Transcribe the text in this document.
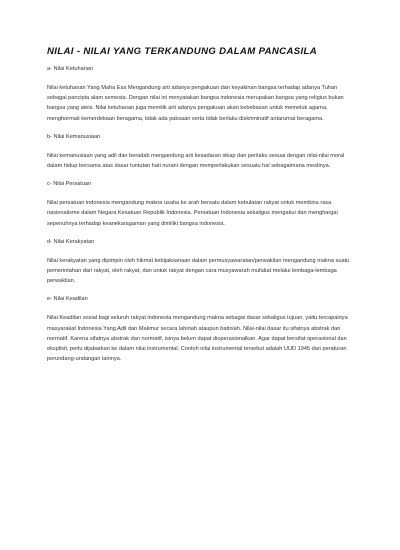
NILAI - NILAI YANG TERKANDUNG DALAM PANCASILA

a- Nilai Ketuhanan

Nilai ketuhanan Yang Maha Esa Mengandung arti adanya pengakuan dan keyakinan bangsa terhadap adanya Tuhan sebagai pancipta alam semesta. Dengan nilai ini menyatakan bangsa indonesia merupakan bangsa yang religius bukan bangsa yang ateis. Nilai ketuhanan juga memilik arti adanya pengakuan akan kebebasan untuk memeluk agama, menghormati kemerdekaan beragama, tidak ada paksaan serta tidak berlaku diskriminatif antarumat beragama.

b- Nilai Kemanusiaan

Nilai kemanusiaan yang adil dan beradab mengandung arti kesadaran sikap dan perilaku sesuai dengan nilai-nilai moral dalam hidup bersama atas dasar tuntutan hati nurani dengan memperlakukan sesuatu hal sebagaimana mestinya.

c- Nilai Persatuan

Nilai persatuan indonesia mengandung makna usaha ke arah bersatu dalam kebulatan rakyat untuk membina rasa nasionalisme dalam Negara Kesatuan Republik Indonesia. Persatuan Indonesia sekaligus mengakui dan menghargai sepenuhnya terhadap keanekaragaman yang dimiliki bangsa indonesia.

d- Nilai Kerakyatan

Nilai kerakyatan yang dipimpin oleh hikmat kebijaksanaan dalam permusyawaratan/perwakilan mengandung makna suatu pemerintahan dari rakyat, oleh rakyat, dan untuk rakyat dengan cara musyawarah mufakat melalui lembaga-lembaga perwakilan.

e- Nilai Keadilan

Nilai Keadilan sosial bagi seluruh rakyat indonesia mengandung makna sebagai dasar sekaligus tujuan, yaitu tercapainya masyarakat Indonesia Yang Adil dan Makmur secara lahiriah ataupun batiniah. Nilai-nilai dasar itu sifatnya abstrak dan normatif. Karena sifatnya abstrak dan normatif, isinya belum dapat dioperasionalkan. Agar dapat bersifat operasional dan eksplisit, perlu dijabarkan ke dalam nilai instrumental. Contoh nilai instrumental tersebut adalah UUD 1945 dan peraturan perundang-undangan lainnya.
